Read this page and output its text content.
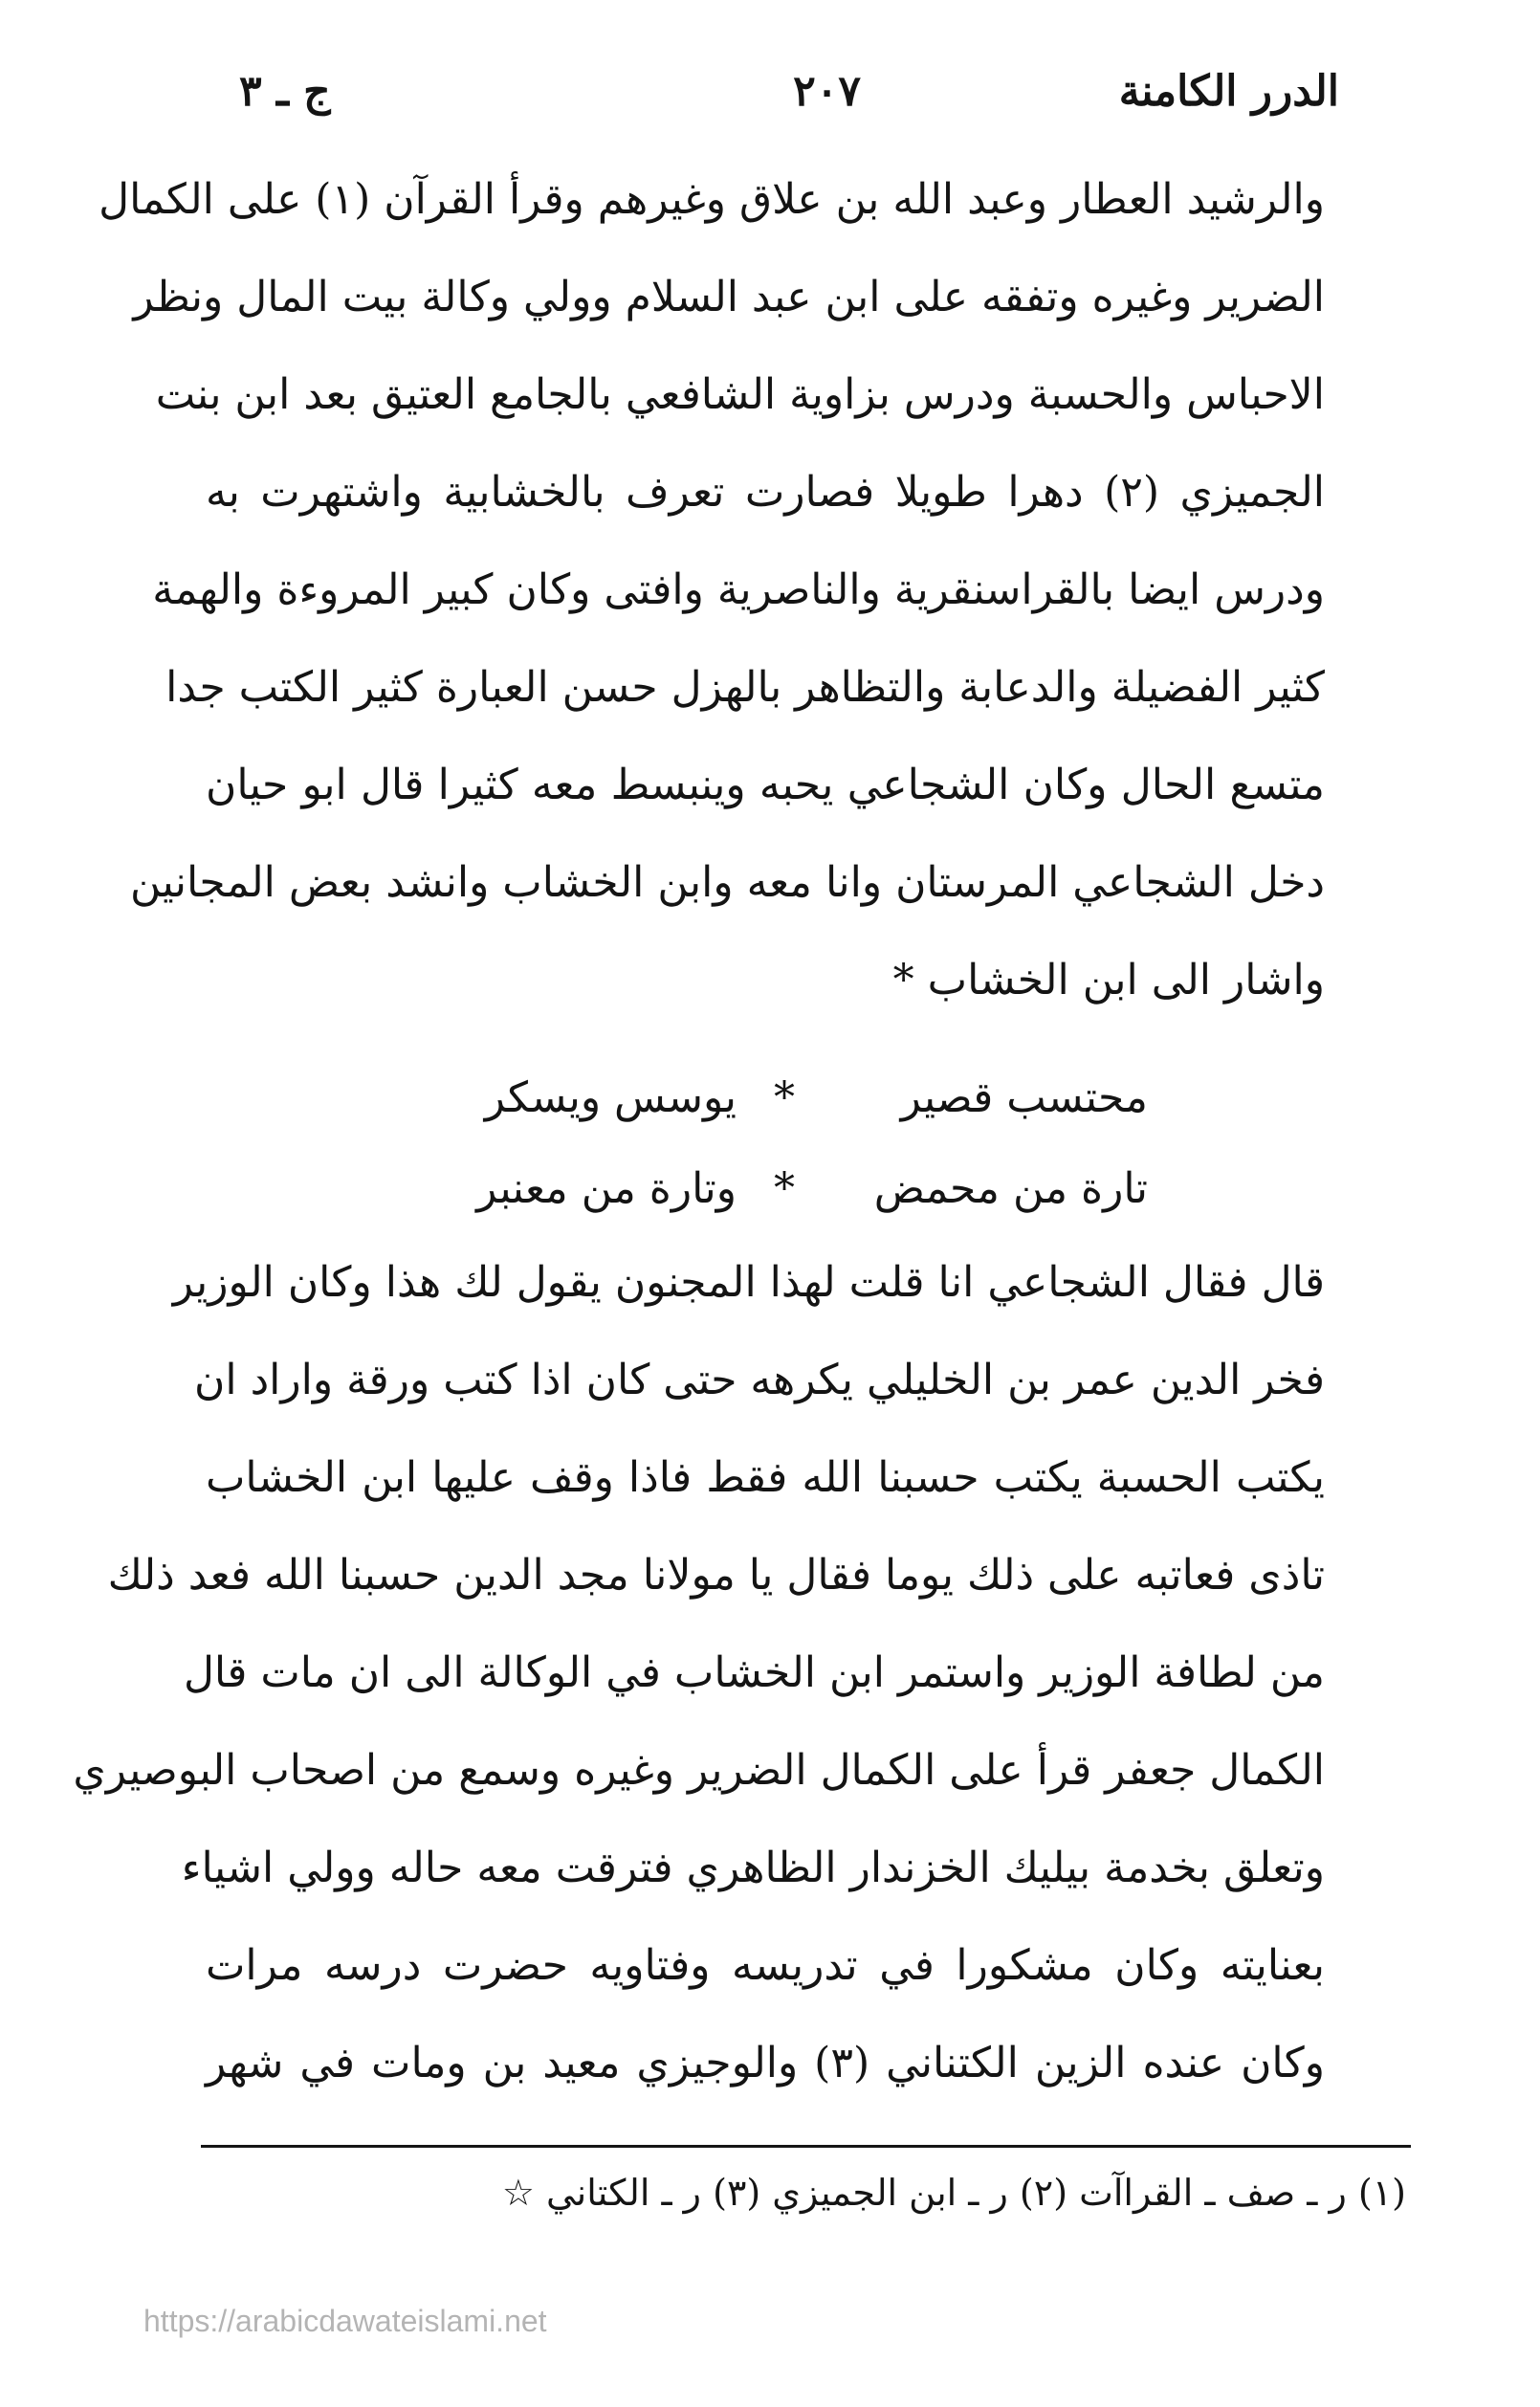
الدرر الكامنة
٢٠٧
ج ـ ٣
والرشيد العطار وعبد الله بن علاق وغيرهم وقرأ القرآن (١) على الكمال
الضرير وغيره وتفقه على ابن عبد السلام وولي وكالة بيت المال ونظر
الاحباس والحسبة ودرس بزاوية الشافعي بالجامع العتيق بعد ابن بنت
الجميزي (٢) دهرا طويلا فصارت تعرف بالخشابية واشتهرت به
ودرس ايضا بالقراسنقرية والناصرية وافتى وكان كبير المروءة والهمة
كثير الفضيلة والدعابة والتظاهر بالهزل حسن العبارة كثير الكتب جدا
متسع الحال وكان الشجاعي يحبه وينبسط معه كثيرا قال ابو حيان
دخل الشجاعي المرستان وانا معه وابن الخشاب وانشد بعض المجانين
واشار الى ابن الخشاب *
محتسب قصير
*
يوسس ويسكر
تارة من محمض
*
وتارة من معنبر
قال فقال الشجاعي انا قلت لهذا المجنون يقول لك هذا وكان الوزير
فخر الدين عمر بن الخليلي يكرهه حتى كان اذا كتب ورقة واراد ان
يكتب الحسبة يكتب حسبنا الله فقط فاذا وقف عليها ابن الخشاب
تاذى فعاتبه على ذلك يوما فقال يا مولانا مجد الدين حسبنا الله فعد ذلك
من لطافة الوزير واستمر ابن الخشاب في الوكالة الى ان مات قال
الكمال جعفر قرأ على الكمال الضرير وغيره وسمع من اصحاب البوصيري
وتعلق بخدمة بيليك الخزندار الظاهري فترقت معه حاله وولي اشياء
بعنايته وكان مشكورا في تدريسه وفتاويه حضرت درسه مرات
وكان عنده الزين الكتناني (٣) والوجيزي معيد بن ومات في شهر
(١) ر ـ صف ـ القراآت (٢) ر ـ ابن الجميزي (٣) ر ـ الكتاني ☆
https://arabicdawateislami.net
